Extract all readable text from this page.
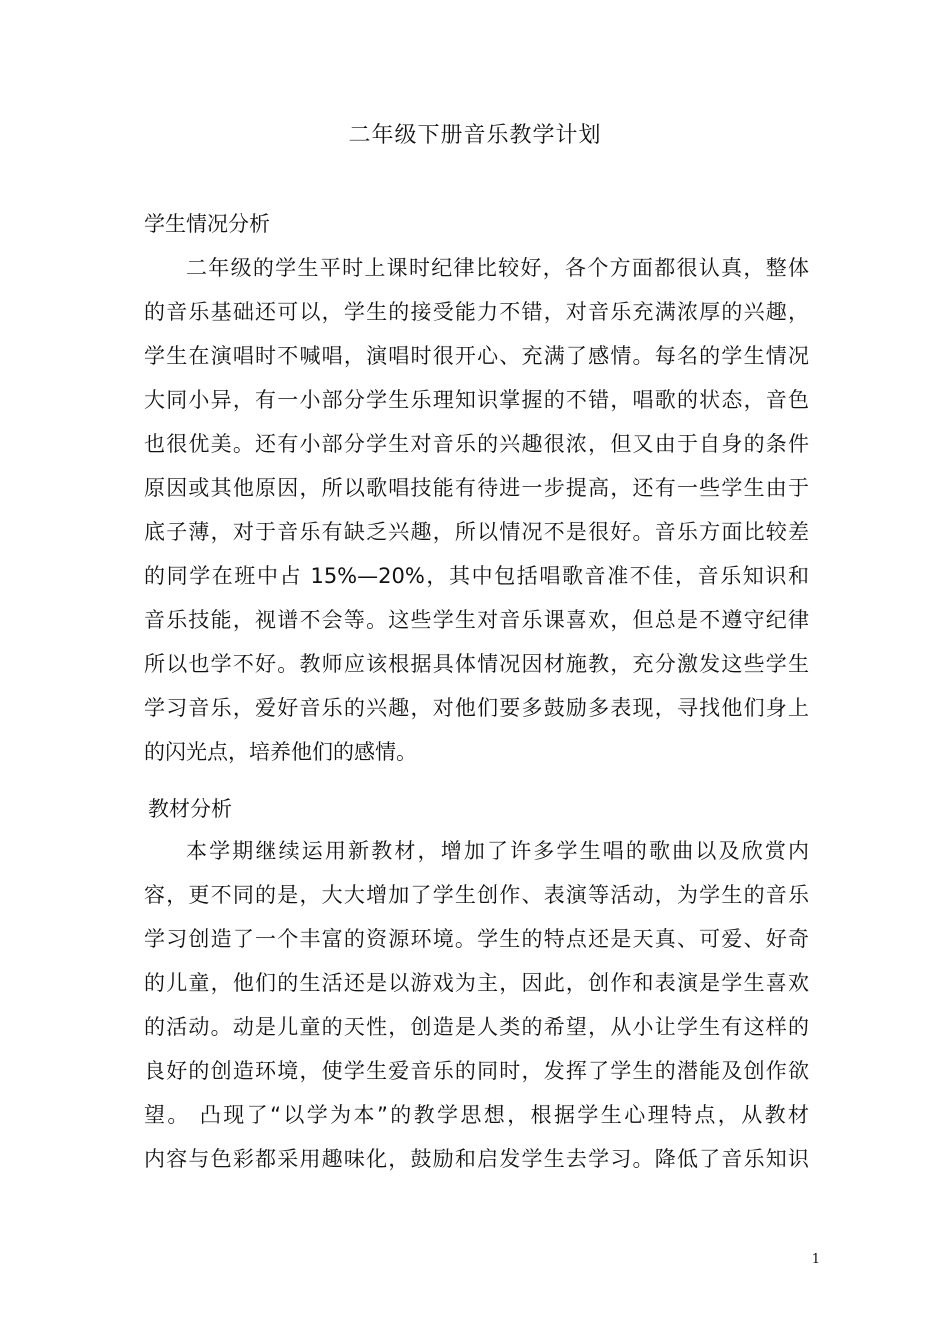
二年级下册音乐教学计划
学生情况分析
二年级的学生平时上课时纪律比较好，各个方面都很认真，整体
的音乐基础还可以，学生的接受能力不错，对音乐充满浓厚的兴趣，
学生在演唱时不喊唱，演唱时很开心、充满了感情。每名的学生情况
大同小异，有一小部分学生乐理知识掌握的不错，唱歌的状态，音色
也很优美。还有小部分学生对音乐的兴趣很浓，但又由于自身的条件
原因或其他原因，所以歌唱技能有待进一步提高，还有一些学生由于
底子薄，对于音乐有缺乏兴趣，所以情况不是很好。音乐方面比较差
的同学在班中占 15%—20%，其中包括唱歌音准不佳，音乐知识和
音乐技能，视谱不会等。这些学生对音乐课喜欢，但总是不遵守纪律
所以也学不好。教师应该根据具体情况因材施教，充分激发这些学生
学习音乐，爱好音乐的兴趣，对他们要多鼓励多表现，寻找他们身上
的闪光点，培养他们的感情。
教材分析
本学期继续运用新教材，增加了许多学生唱的歌曲以及欣赏内
容，更不同的是，大大增加了学生创作、表演等活动，为学生的音乐
学习创造了一个丰富的资源环境。学生的特点还是天真、可爱、好奇
的儿童，他们的生活还是以游戏为主，因此，创作和表演是学生喜欢
的活动。动是儿童的天性，创造是人类的希望，从小让学生有这样的
良好的创造环境，使学生爱音乐的同时，发挥了学生的潜能及创作欲
望。 凸现了“以学为本”的教学思想，根据学生心理特点，从教材
内容与色彩都采用趣味化，鼓励和启发学生去学习。降低了音乐知识
1
